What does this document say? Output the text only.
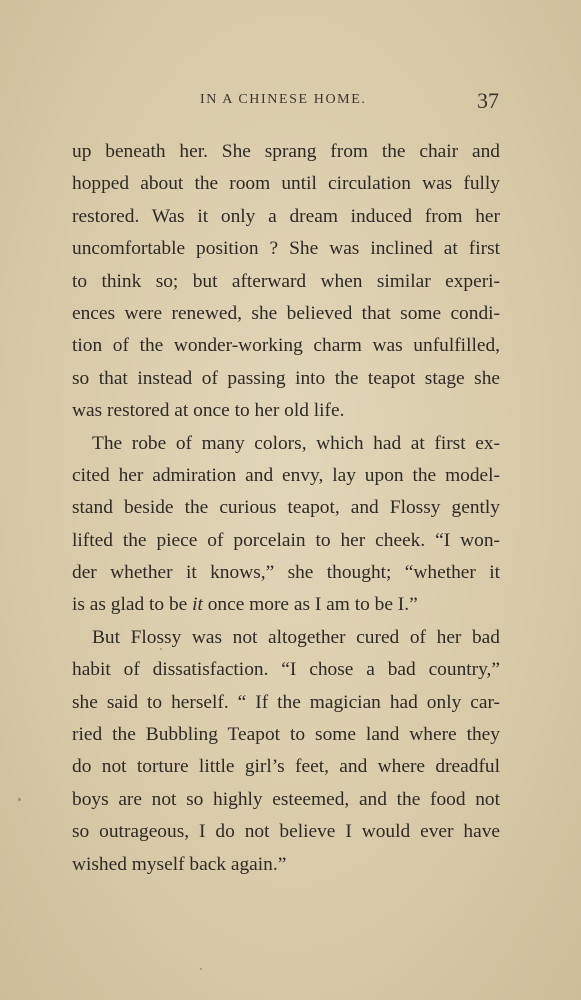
IN A CHINESE HOME.	37
up beneath her. She sprang from the chair and
hopped about the room until circulation was fully
restored. Was it only a dream induced from her
uncomfortable position ? She was inclined at first
to think so; but afterward when similar experi-
ences were renewed, she believed that some condi-
tion of the wonder-working charm was unfulfilled,
so that instead of passing into the teapot stage she
was restored at once to her old life.
The robe of many colors, which had at first ex-
cited her admiration and envy, lay upon the model-
stand beside the curious teapot, and Flossy gently
lifted the piece of porcelain to her cheek. “I won-
der whether it knows,” she thought; “whether it
is as glad to be it once more as I am to be I.”
But Flossy was not altogether cured of her bad
habit of dissatisfaction. “I chose a bad country,”
she said to herself. “ If the magician had only car-
ried the Bubbling Teapot to some land where they
do not torture little girl’s feet, and where dreadful
boys are not so highly esteemed, and the food not
so outrageous, I do not believe I would ever have
wished myself back again.”
